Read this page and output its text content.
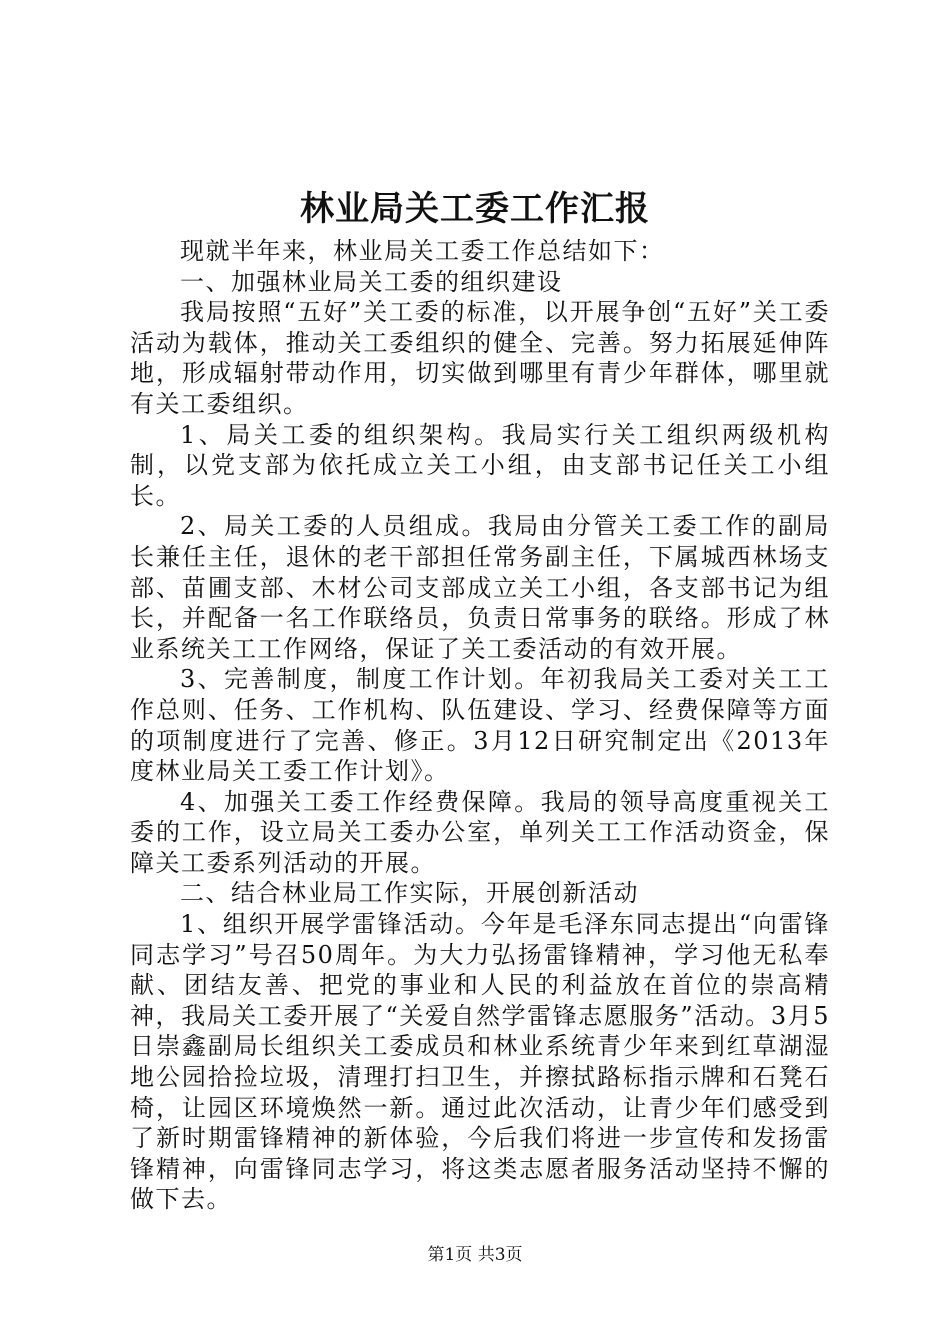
林业局关工委工作汇报

现就半年来，林业局关工委工作总结如下：

一、加强林业局关工委的组织建设

我局按照“五好”关工委的标准，以开展争创“五好”关工委活动为载体，推动关工委组织的健全、完善。努力拓展延伸阵地，形成辐射带动作用，切实做到哪里有青少年群体，哪里就有关工委组织。

1、局关工委的组织架构。我局实行关工组织两级机构制，以党支部为依托成立关工小组，由支部书记任关工小组长。

2、局关工委的人员组成。我局由分管关工委工作的副局长兼任主任，退休的老干部担任常务副主任，下属城西林场支部、苗圃支部、木材公司支部成立关工小组，各支部书记为组长，并配备一名工作联络员，负责日常事务的联络。形成了林业系统关工工作网络，保证了关工委活动的有效开展。

3、完善制度，制度工作计划。年初我局关工委对关工工作总则、任务、工作机构、队伍建设、学习、经费保障等方面的项制度进行了完善、修正。3月12日研究制定出《2013年度林业局关工委工作计划》。

4、加强关工委工作经费保障。我局的领导高度重视关工委的工作，设立局关工委办公室，单列关工工作活动资金，保障关工委系列活动的开展。

二、结合林业局工作实际，开展创新活动

1、组织开展学雷锋活动。今年是毛泽东同志提出“向雷锋同志学习”号召50周年。为大力弘扬雷锋精神，学习他无私奉献、团结友善、把党的事业和人民的利益放在首位的崇高精神，我局关工委开展了“关爱自然学雷锋志愿服务”活动。3月5日崇鑫副局长组织关工委成员和林业系统青少年来到红草湖湿地公园拾捡垃圾，清理打扫卫生，并擦拭路标指示牌和石凳石椅，让园区环境焕然一新。通过此次活动，让青少年们感受到了新时期雷锋精神的新体验，今后我们将进一步宣传和发扬雷锋精神，向雷锋同志学习，将这类志愿者服务活动坚持不懈的做下去。

第1页 共3页
